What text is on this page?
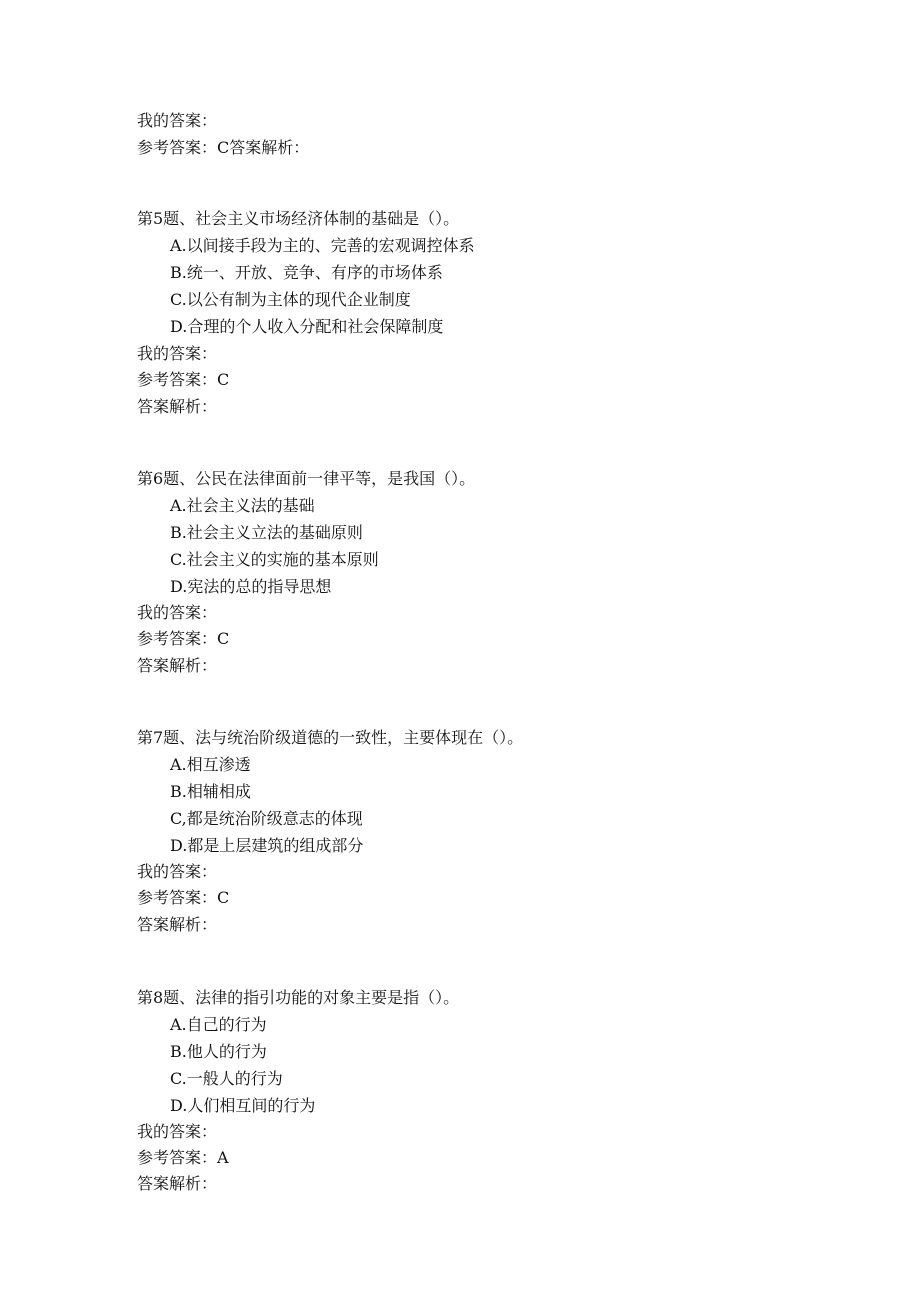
我的答案：
参考答案：C答案解析：
第5题、社会主义市场经济体制的基础是（）。
A.以间接手段为主的、完善的宏观调控体系
B.统一、开放、竞争、有序的市场体系
C.以公有制为主体的现代企业制度
D.合理的个人收入分配和社会保障制度
我的答案：
参考答案：C
答案解析：
第6题、公民在法律面前一律平等，是我国（）。
A.社会主义法的基础
B.社会主义立法的基础原则
C.社会主义的实施的基本原则
D.宪法的总的指导思想
我的答案：
参考答案：C
答案解析：
第7题、法与统治阶级道德的一致性，主要体现在（）。
A.相互渗透
B.相辅相成
C,都是统治阶级意志的体现
D.都是上层建筑的组成部分
我的答案：
参考答案：C
答案解析：
第8题、法律的指引功能的对象主要是指（）。
A.自己的行为
B.他人的行为
C.一般人的行为
D.人们相互间的行为
我的答案：
参考答案：A
答案解析：
